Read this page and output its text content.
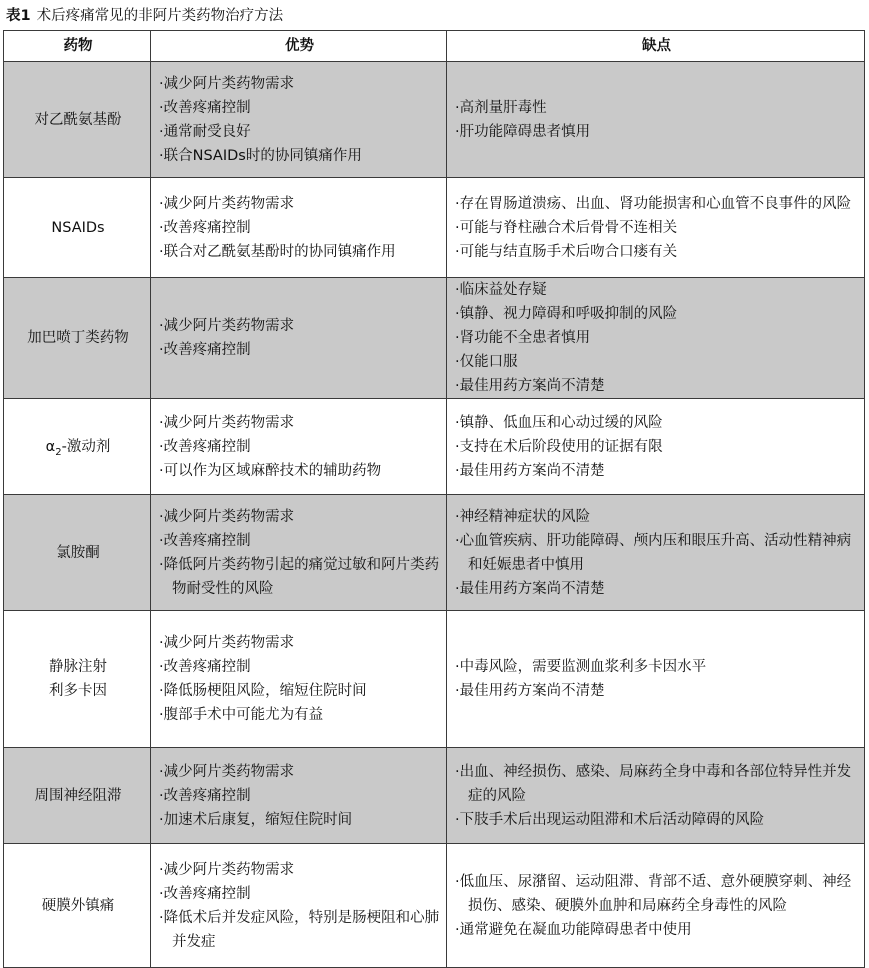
表1 术后疼痛常见的非阿片类药物治疗方法
药物	优势	缺点

对乙酰氨基酚	·减少阿片类药物需求
·改善疼痛控制
·通常耐受良好
·联合NSAIDs时的协同镇痛作用	·高剂量肝毒性
·肝功能障碍患者慎用

NSAIDs	·减少阿片类药物需求
·改善疼痛控制
·联合对乙酰氨基酚时的协同镇痛作用	·存在胃肠道溃疡、出血、肾功能损害和心血管不良事件的风险
·可能与脊柱融合术后骨骨不连相关
·可能与结直肠手术后吻合口瘘有关

加巴喷丁类药物	·减少阿片类药物需求
·改善疼痛控制	·临床益处存疑
·镇静、视力障碍和呼吸抑制的风险
·肾功能不全患者慎用
·仅能口服
·最佳用药方案尚不清楚

$\alpha_2-$激动剂	·减少阿片类药物需求
·改善疼痛控制
·可以作为区域麻醉技术的辅助药物	·镇静、低血压和心动过缓的风险
·支持在术后阶段使用的证据有限
·最佳用药方案尚不清楚

氯胺酮	·减少阿片类药物需求
·改善疼痛控制
·降低阿片类药物引起的痛觉过敏和阿片类药物耐受性的风险	·神经精神症状的风险
·心血管疾病、肝功能障碍、颅内压和眼压升高、活动性精神病和妊娠患者中慎用
·最佳用药方案尚不清楚

静脉注射
利多卡因	·减少阿片类药物需求
·改善疼痛控制
·降低肠梗阻风险，缩短住院时间
·腹部手术中可能尤为有益	·中毒风险，需要监测血浆利多卡因水平
·最佳用药方案尚不清楚

周围神经阻滞	·减少阿片类药物需求
·改善疼痛控制
·加速术后康复，缩短住院时间	·出血、神经损伤、感染、局麻药全身中毒和各部位特异性并发症的风险
·下肢手术后出现运动阻滞和术后活动障碍的风险

硬膜外镇痛	·减少阿片类药物需求
·改善疼痛控制
·降低术后并发症风险，特别是肠梗阻和心肺并发症	·低血压、尿潴留、运动阻滞、背部不适、意外硬膜穿刺、神经损伤、感染、硬膜外血肿和局麻药全身毒性的风险
·通常避免在凝血功能障碍患者中使用
